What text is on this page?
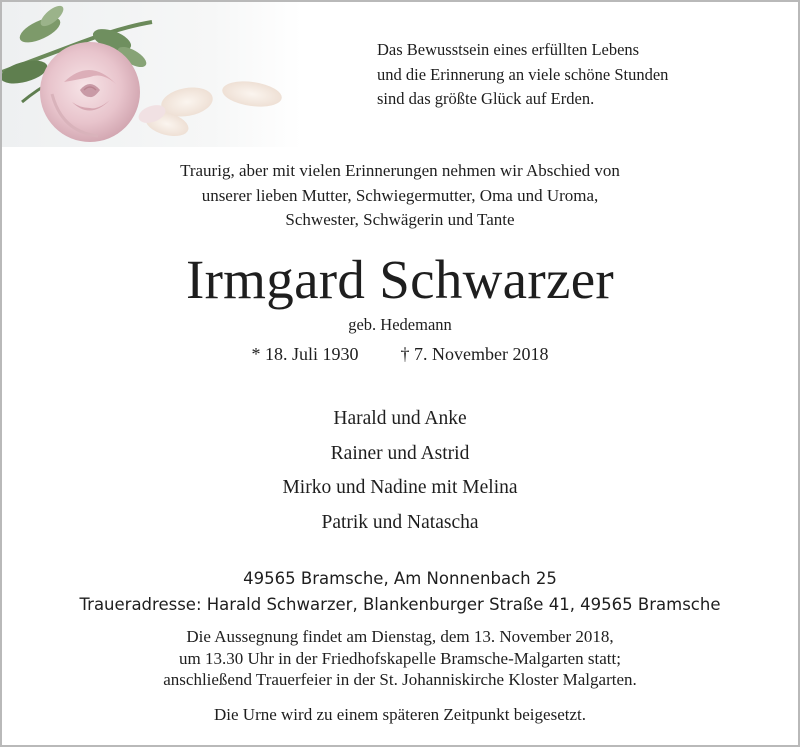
Das Bewusstsein eines erfüllten Lebens
und die Erinnerung an viele schöne Stunden
sind das größte Glück auf Erden.
Traurig, aber mit vielen Erinnerungen nehmen wir Abschied von
unserer lieben Mutter, Schwiegermutter, Oma und Uroma,
Schwester, Schwägerin und Tante
Irmgard Schwarzer
geb. Hedemann
* 18. Juli 1930 † 7. November 2018
Harald und Anke
Rainer und Astrid
Mirko und Nadine mit Melina
Patrik und Natascha
49565 Bramsche, Am Nonnenbach 25
Traueradresse: Harald Schwarzer, Blankenburger Straße 41, 49565 Bramsche
Die Aussegnung findet am Dienstag, dem 13. November 2018,
um 13.30 Uhr in der Friedhofskapelle Bramsche-Malgarten statt;
anschließend Trauerfeier in der St. Johanniskirche Kloster Malgarten.
Die Urne wird zu einem späteren Zeitpunkt beigesetzt.
